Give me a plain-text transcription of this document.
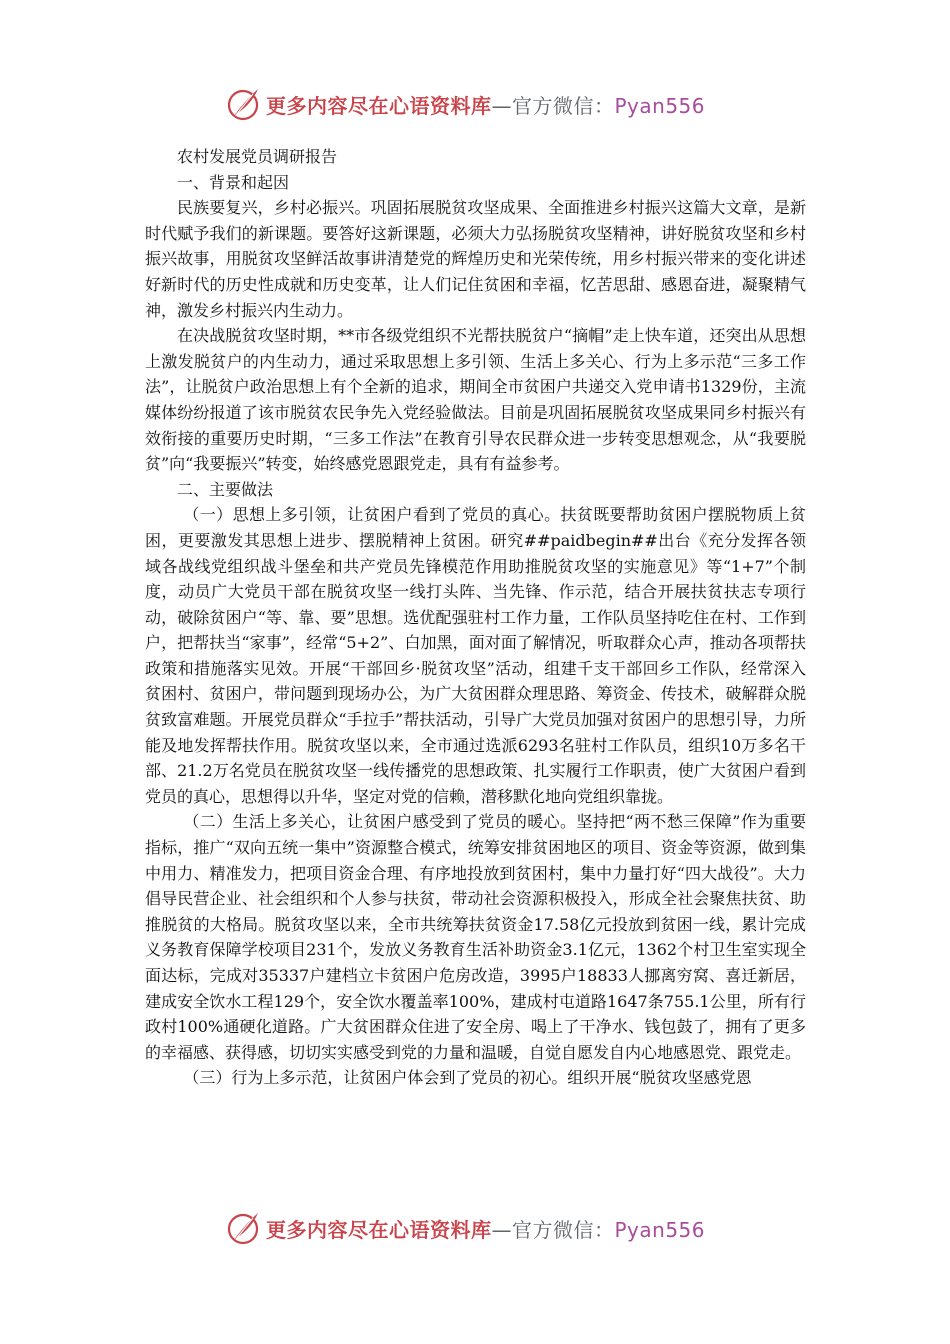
更多内容尽在心语资料库—官方微信：Pyan556

农村发展党员调研报告

一、背景和起因

民族要复兴，乡村必振兴。巩固拓展脱贫攻坚成果、全面推进乡村振兴这篇大文章，是新时代赋予我们的新课题。要答好这新课题，必须大力弘扬脱贫攻坚精神，讲好脱贫攻坚和乡村振兴故事，用脱贫攻坚鲜活故事讲清楚党的辉煌历史和光荣传统，用乡村振兴带来的变化讲述好新时代的历史性成就和历史变革，让人们记住贫困和幸福，忆苦思甜、感恩奋进，凝聚精气神，激发乡村振兴内生动力。

在决战脱贫攻坚时期，**市各级党组织不光帮扶脱贫户“摘帽”走上快车道，还突出从思想上激发脱贫户的内生动力，通过采取思想上多引领、生活上多关心、行为上多示范“三多工作法”，让脱贫户政治思想上有个全新的追求，期间全市贫困户共递交入党申请书1329份，主流媒体纷纷报道了该市脱贫农民争先入党经验做法。目前是巩固拓展脱贫攻坚成果同乡村振兴有效衔接的重要历史时期，“三多工作法”在教育引导农民群众进一步转变思想观念，从“我要脱贫”向“我要振兴”转变，始终感党恩跟党走，具有有益参考。

二、主要做法

（一）思想上多引领，让贫困户看到了党员的真心。扶贫既要帮助贫困户摆脱物质上贫困，更要激发其思想上进步、摆脱精神上贫困。研究##paidbegin##出台《充分发挥各领域各战线党组织战斗堡垒和共产党员先锋模范作用助推脱贫攻坚的实施意见》等“1+7”个制度，动员广大党员干部在脱贫攻坚一线打头阵、当先锋、作示范，结合开展扶贫扶志专项行动，破除贫困户“等、靠、要”思想。选优配强驻村工作力量，工作队员坚持吃住在村、工作到户，把帮扶当“家事”，经常“5+2”、白加黑，面对面了解情况，听取群众心声，推动各项帮扶政策和措施落实见效。开展“干部回乡·脱贫攻坚”活动，组建千支干部回乡工作队，经常深入贫困村、贫困户，带问题到现场办公，为广大贫困群众理思路、筹资金、传技术，破解群众脱贫致富难题。开展党员群众“手拉手”帮扶活动，引导广大党员加强对贫困户的思想引导，力所能及地发挥帮扶作用。脱贫攻坚以来，全市通过选派6293名驻村工作队员，组织10万多名干部、21.2万名党员在脱贫攻坚一线传播党的思想政策、扎实履行工作职责，使广大贫困户看到党员的真心，思想得以升华，坚定对党的信赖，潜移默化地向党组织靠拢。

（二）生活上多关心，让贫困户感受到了党员的暖心。坚持把“两不愁三保障”作为重要指标，推广“双向五统一集中”资源整合模式，统筹安排贫困地区的项目、资金等资源，做到集中用力、精准发力，把项目资金合理、有序地投放到贫困村，集中力量打好“四大战役”。大力倡导民营企业、社会组织和个人参与扶贫，带动社会资源积极投入，形成全社会聚焦扶贫、助推脱贫的大格局。脱贫攻坚以来，全市共统筹扶贫资金17.58亿元投放到贫困一线，累计完成义务教育保障学校项目231个，发放义务教育生活补助资金3.1亿元，1362个村卫生室实现全面达标，完成对35337户建档立卡贫困户危房改造，3995户18833人挪离穷窝、喜迁新居，建成安全饮水工程129个，安全饮水覆盖率100%，建成村屯道路1647条755.1公里，所有行政村100%通硬化道路。广大贫困群众住进了安全房、喝上了干净水、钱包鼓了，拥有了更多的幸福感、获得感，切切实实感受到党的力量和温暖，自觉自愿发自内心地感恩党、跟党走。

（三）行为上多示范，让贫困户体会到了党员的初心。组织开展“脱贫攻坚感党恩

更多内容尽在心语资料库—官方微信：Pyan556
